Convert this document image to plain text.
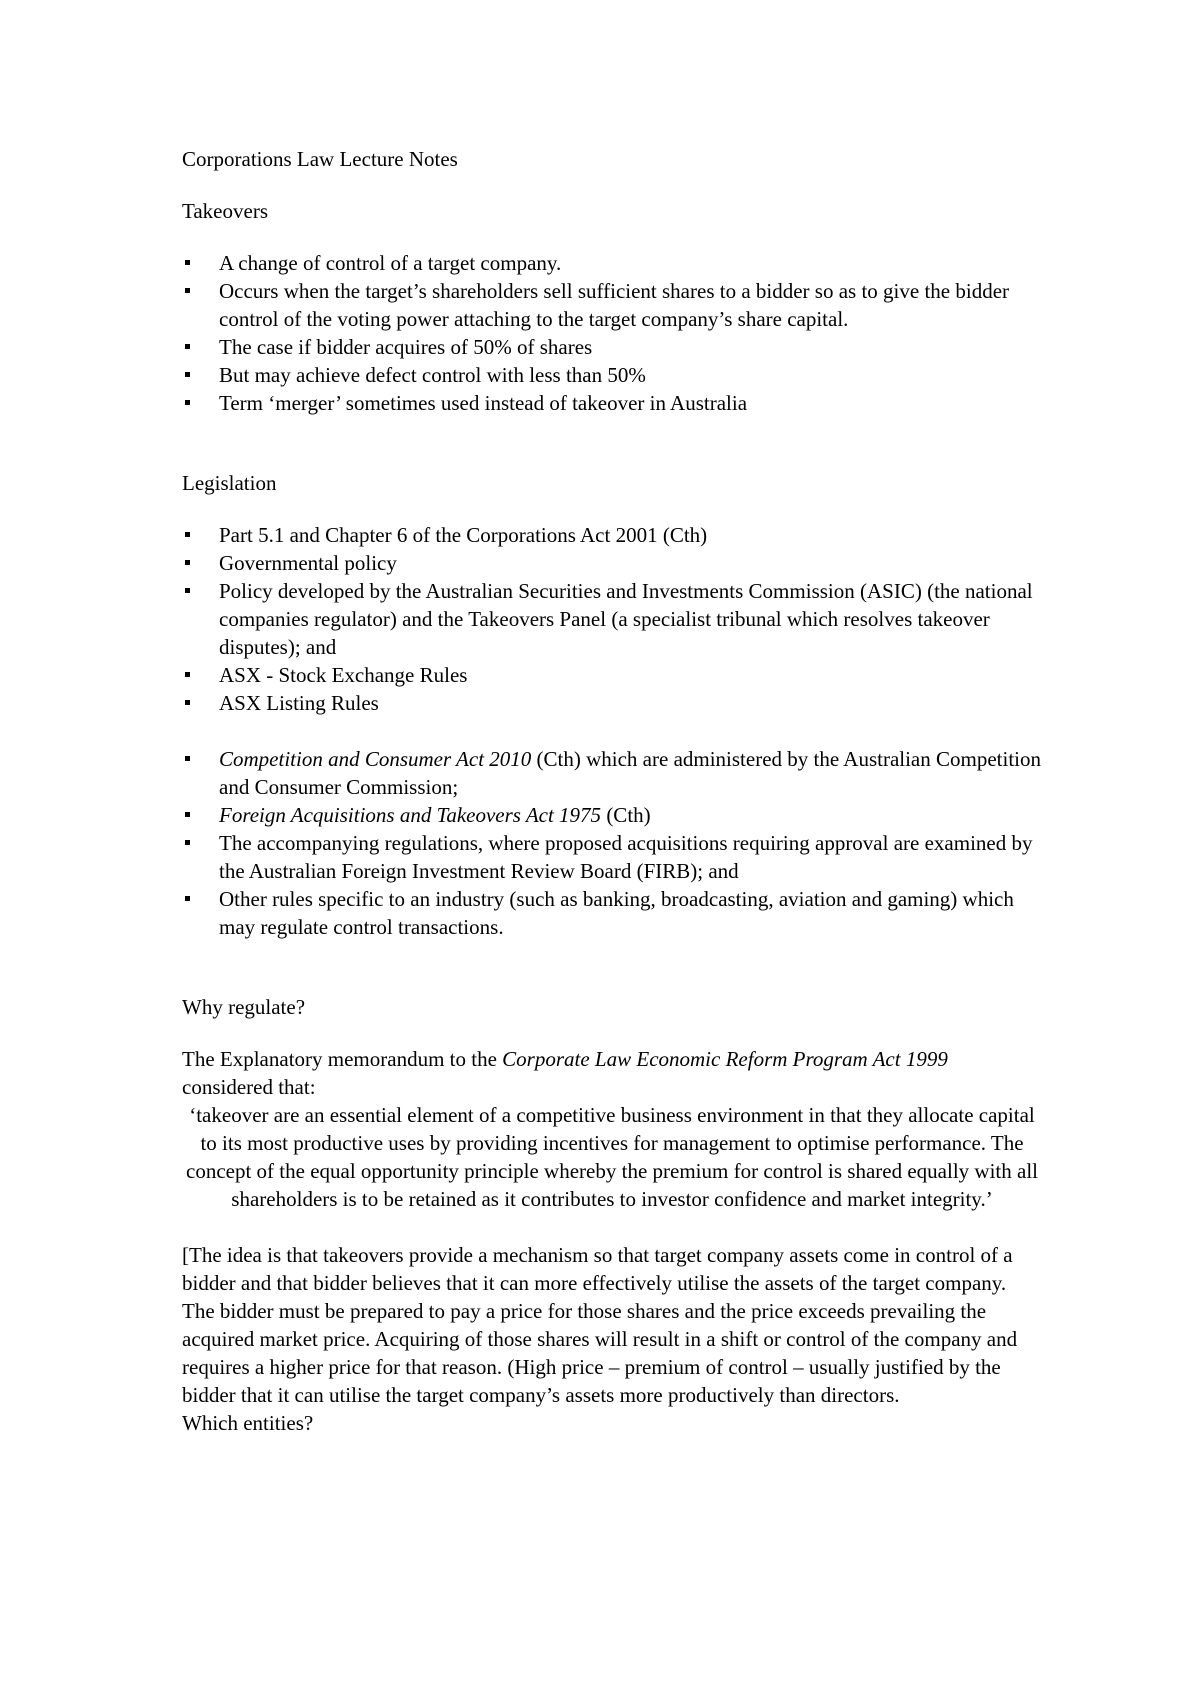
Corporations Law Lecture Notes

Takeovers

A change of control of a target company.
Occurs when the target’s shareholders sell sufficient shares to a bidder so as to give the bidder control of the voting power attaching to the target company’s share capital.
The case if bidder acquires of 50% of shares
But may achieve defect control with less than 50%
Term ‘merger’ sometimes used instead of takeover in Australia

Legislation

Part 5.1 and Chapter 6 of the Corporations Act 2001 (Cth)
Governmental policy
Policy developed by the Australian Securities and Investments Commission (ASIC) (the national companies regulator) and the Takeovers Panel (a specialist tribunal which resolves takeover disputes); and
ASX - Stock Exchange Rules
ASX Listing Rules
Competition and Consumer Act 2010 (Cth) which are administered by the Australian Competition and Consumer Commission;
Foreign Acquisitions and Takeovers Act 1975 (Cth)
The accompanying regulations, where proposed acquisitions requiring approval are examined by the Australian Foreign Investment Review Board (FIRB); and
Other rules specific to an industry (such as banking, broadcasting, aviation and gaming) which may regulate control transactions.

Why regulate?

The Explanatory memorandum to the Corporate Law Economic Reform Program Act 1999 considered that:

‘takeover are an essential element of a competitive business environment in that they allocate capital to its most productive uses by providing incentives for management to optimise performance. The concept of the equal opportunity principle whereby the premium for control is shared equally with all shareholders is to be retained as it contributes to investor confidence and market integrity.’

[The idea is that takeovers provide a mechanism so that target company assets come in control of a bidder and that bidder believes that it can more effectively utilise the assets of the target company. The bidder must be prepared to pay a price for those shares and the price exceeds prevailing the acquired market price. Acquiring of those shares will result in a shift or control of the company and requires a higher price for that reason. (High price – premium of control – usually justified by the bidder that it can utilise the target company’s assets more productively than directors.

Which entities?
